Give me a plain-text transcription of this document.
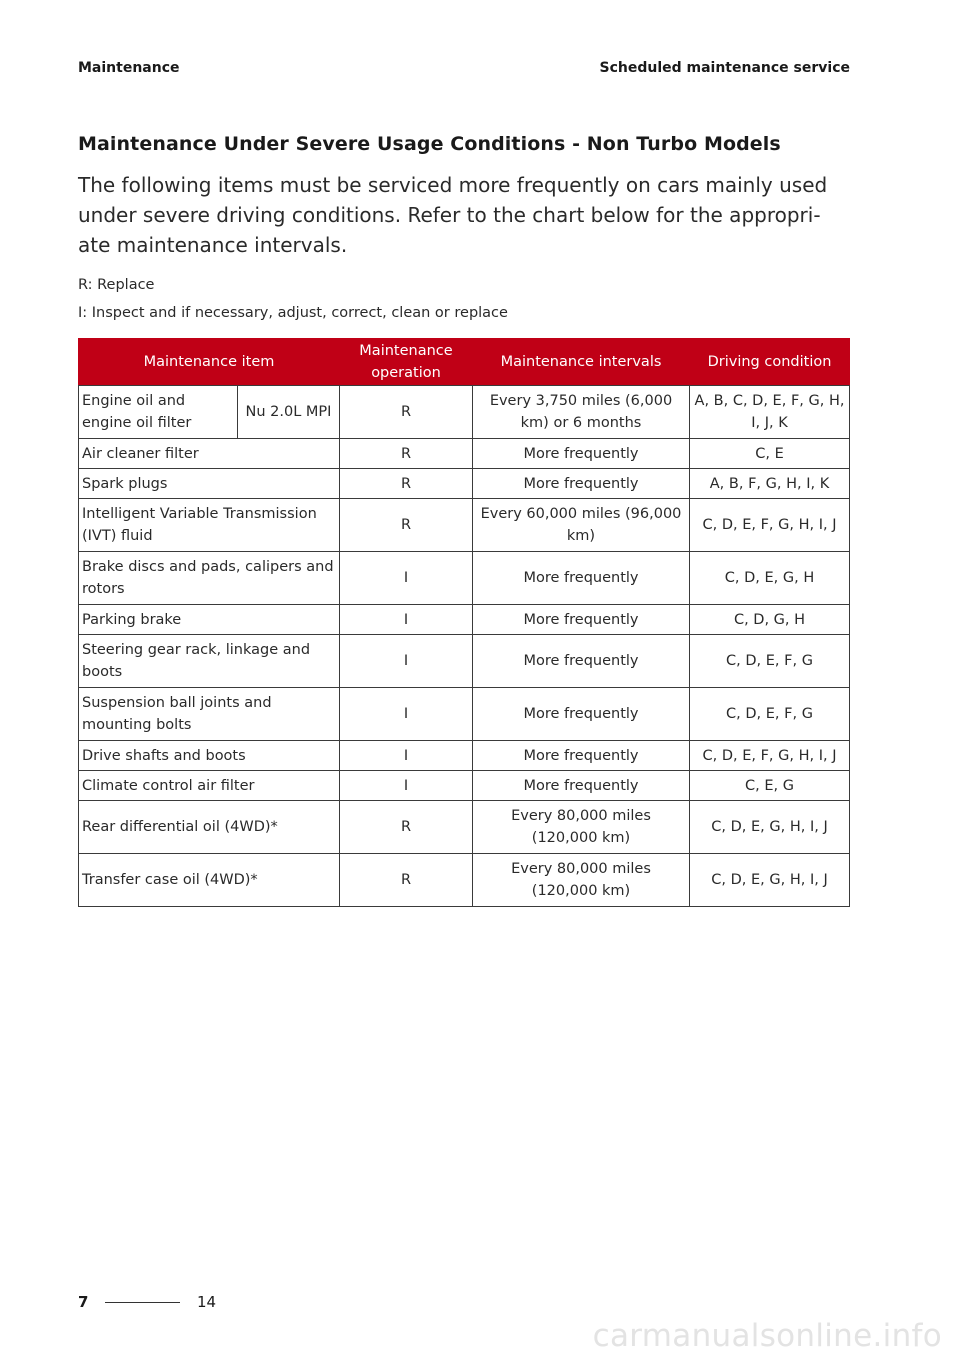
Maintenance	Scheduled maintenance service
Maintenance Under Severe Usage Conditions - Non Turbo Models

The following items must be serviced more frequently on cars mainly used under severe driving conditions. Refer to the chart below for the appropri- ate maintenance intervals.

R: Replace
I: Inspect and if necessary, adjust, correct, clean or replace
Maintenance item		Maintenance operation	Maintenance intervals	Driving condition
Engine oil and engine oil filter	Nu 2.0L MPI	R	Every 3,750 miles (6,000 km) or 6 months	A, B, C, D, E, F, G, H, I, J, K
Air cleaner filter		R	More frequently	C, E
Spark plugs		R	More frequently	A, B, F, G, H, I, K
Intelligent Variable Transmission (IVT) fluid		R	Every 60,000 miles (96,000 km)	C, D, E, F, G, H, I, J
Brake discs and pads, calipers and rotors		I	More frequently	C, D, E, G, H
Parking brake		I	More frequently	C, D, G, H
Steering gear rack, linkage and boots		I	More frequently	C, D, E, F, G
Suspension ball joints and mounting bolts		I	More frequently	C, D, E, F, G
Drive shafts and boots		I	More frequently	C, D, E, F, G, H, I, J
Climate control air filter		I	More frequently	C, E, G
Rear differential oil (4WD)*		R	Every 80,000 miles (120,000 km)	C, D, E, G, H, I, J
Transfer case oil (4WD)*		R	Every 80,000 miles (120,000 km)	C, D, E, G, H, I, J
7	14
carmanualsonline.info
